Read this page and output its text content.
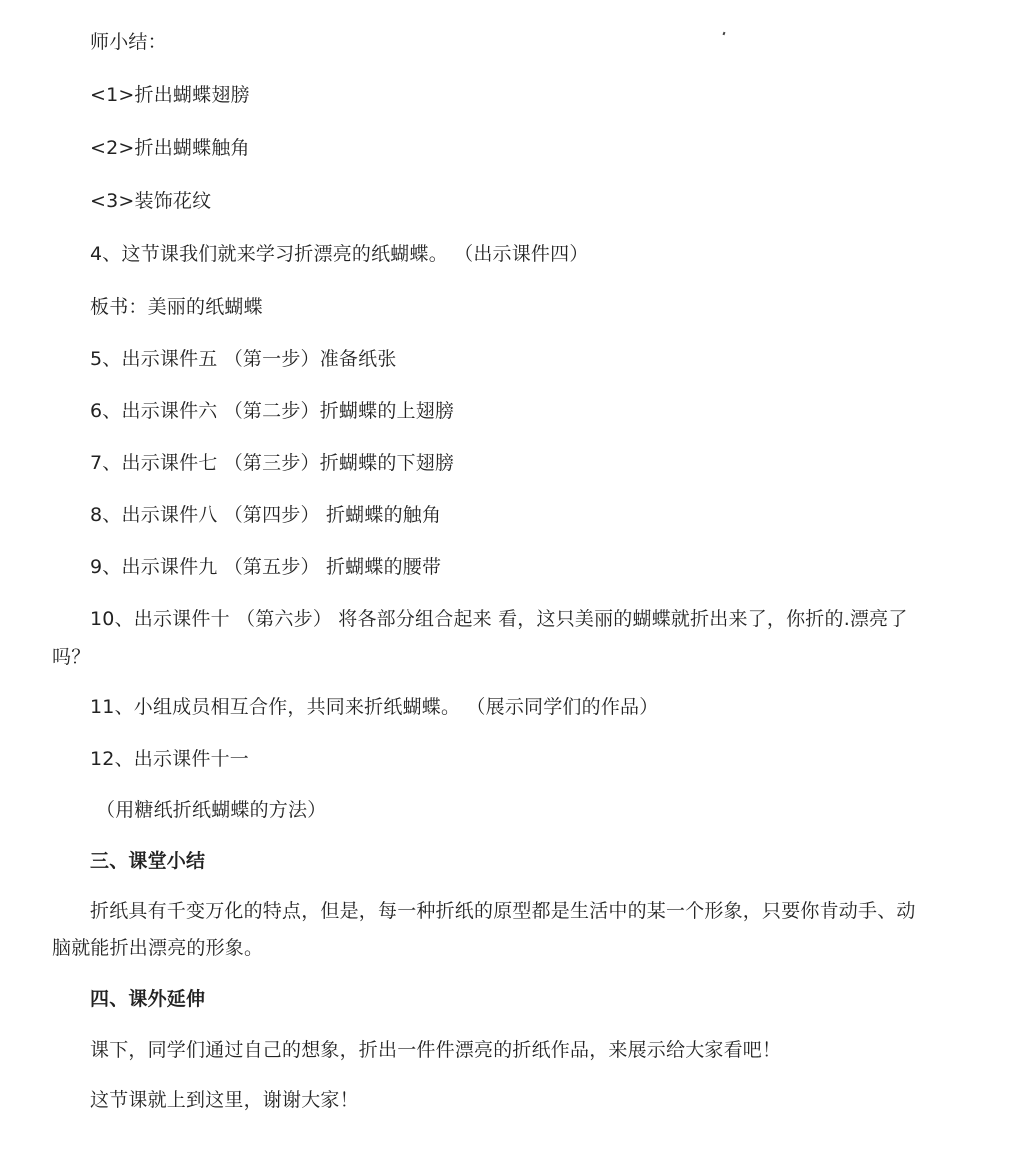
师小结：
<1>折出蝴蝶翅膀
<2>折出蝴蝶触角
<3>装饰花纹
4、这节课我们就来学习折漂亮的纸蝴蝶。 （出示课件四）
板书：美丽的纸蝴蝶
5、出示课件五 （第一步）准备纸张
6、出示课件六 （第二步）折蝴蝶的上翅膀
7、出示课件七 （第三步）折蝴蝶的下翅膀
8、出示课件八 （第四步） 折蝴蝶的触角
9、出示课件九 （第五步） 折蝴蝶的腰带
10、出示课件十 （第六步） 将各部分组合起来 看，这只美丽的蝴蝶就折出来了，你折的.漂亮了
吗？
11、小组成员相互合作，共同来折纸蝴蝶。 （展示同学们的作品）
12、出示课件十一
（用糖纸折纸蝴蝶的方法）
三、课堂小结
折纸具有千变万化的特点，但是，每一种折纸的原型都是生活中的某一个形象，只要你肯动手、动
脑就能折出漂亮的形象。
四、课外延伸
课下，同学们通过自己的想象，折出一件件漂亮的折纸作品，来展示给大家看吧！
这节课就上到这里，谢谢大家！
